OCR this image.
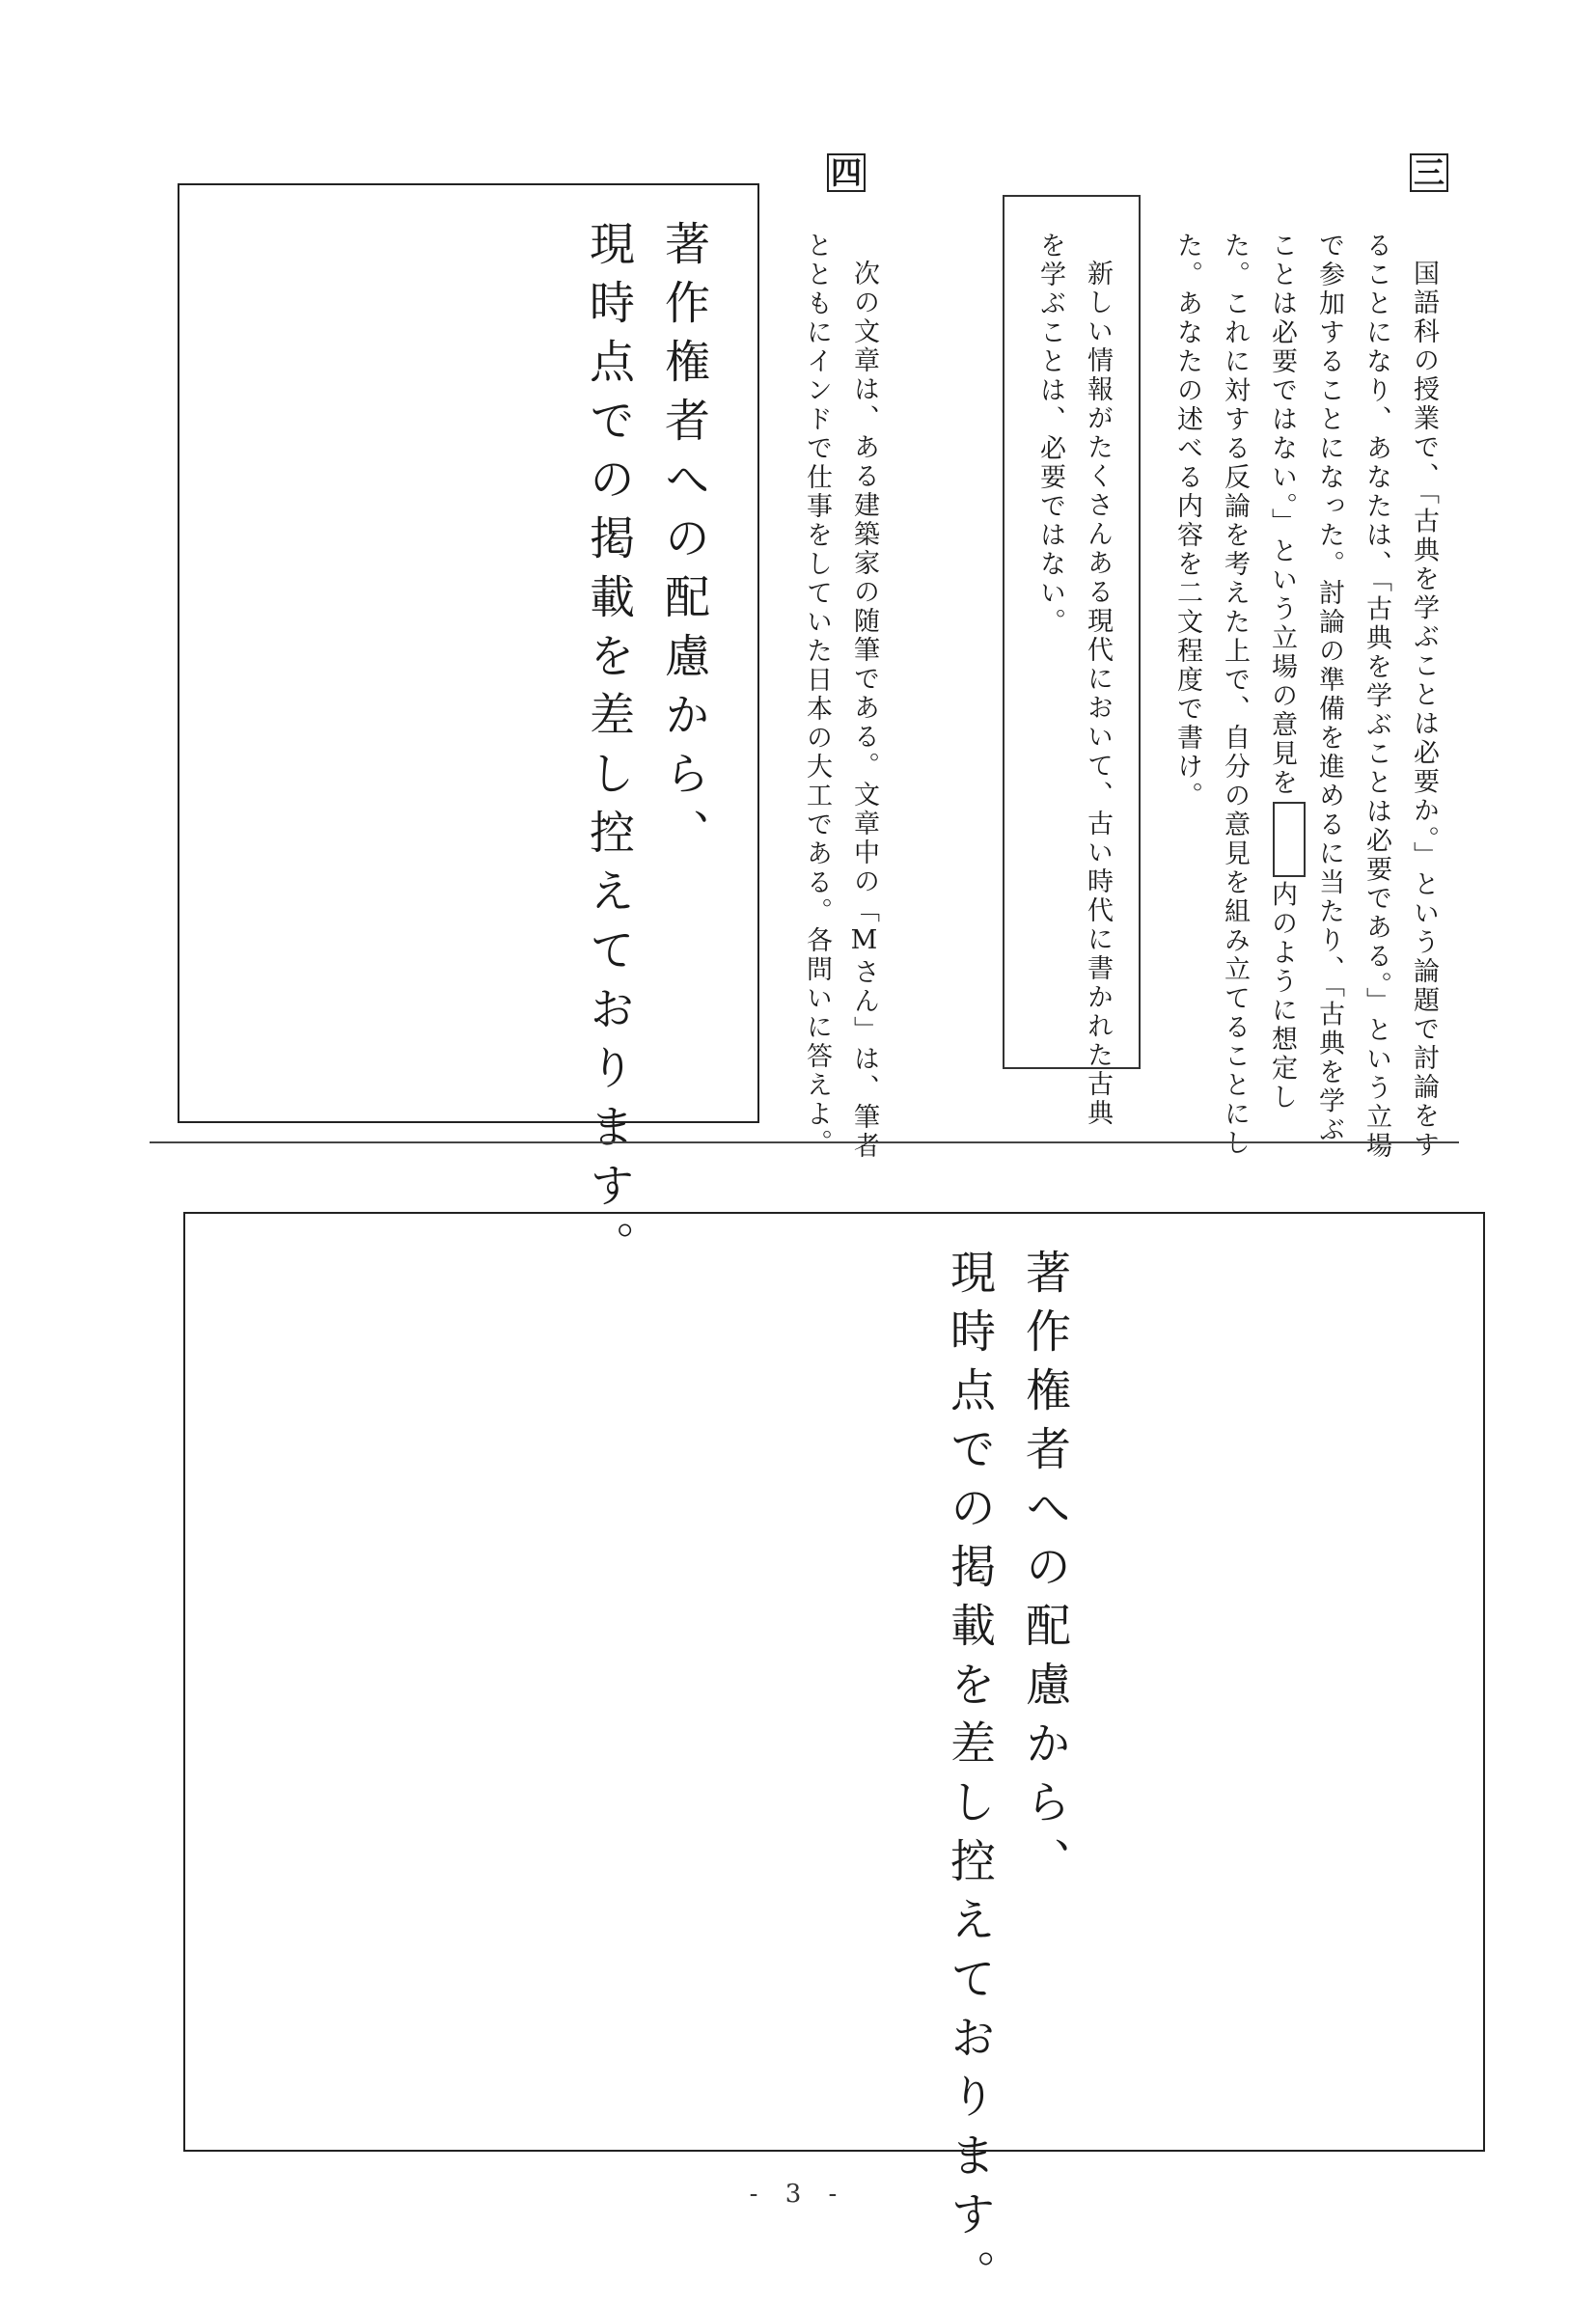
三
国語科の授業で、「古典を学ぶことは必要か。」という論題で討論をす
ることになり、あなたは、「古典を学ぶことは必要である。」という立場
で参加することになった。討論の準備を進めるに当たり、「古典を学ぶ
ことは必要ではない。」という立場の意見を内のように想定し
た。これに対する反論を考えた上で、自分の意見を組み立てることにし
た。あなたの述べる内容を二文程度で書け。
新しい情報がたくさんある現代において、古い時代に書かれた古典
を学ぶことは、必要ではない。
四
次の文章は、ある建築家の随筆である。文章中の「Mさん」は、筆者
とともにインドで仕事をしていた日本の大工である。各問いに答えよ。
著作権者への配慮から、
現時点での掲載を差し控えております。
著作権者への配慮から、
現時点での掲載を差し控えております。
- 3 -
